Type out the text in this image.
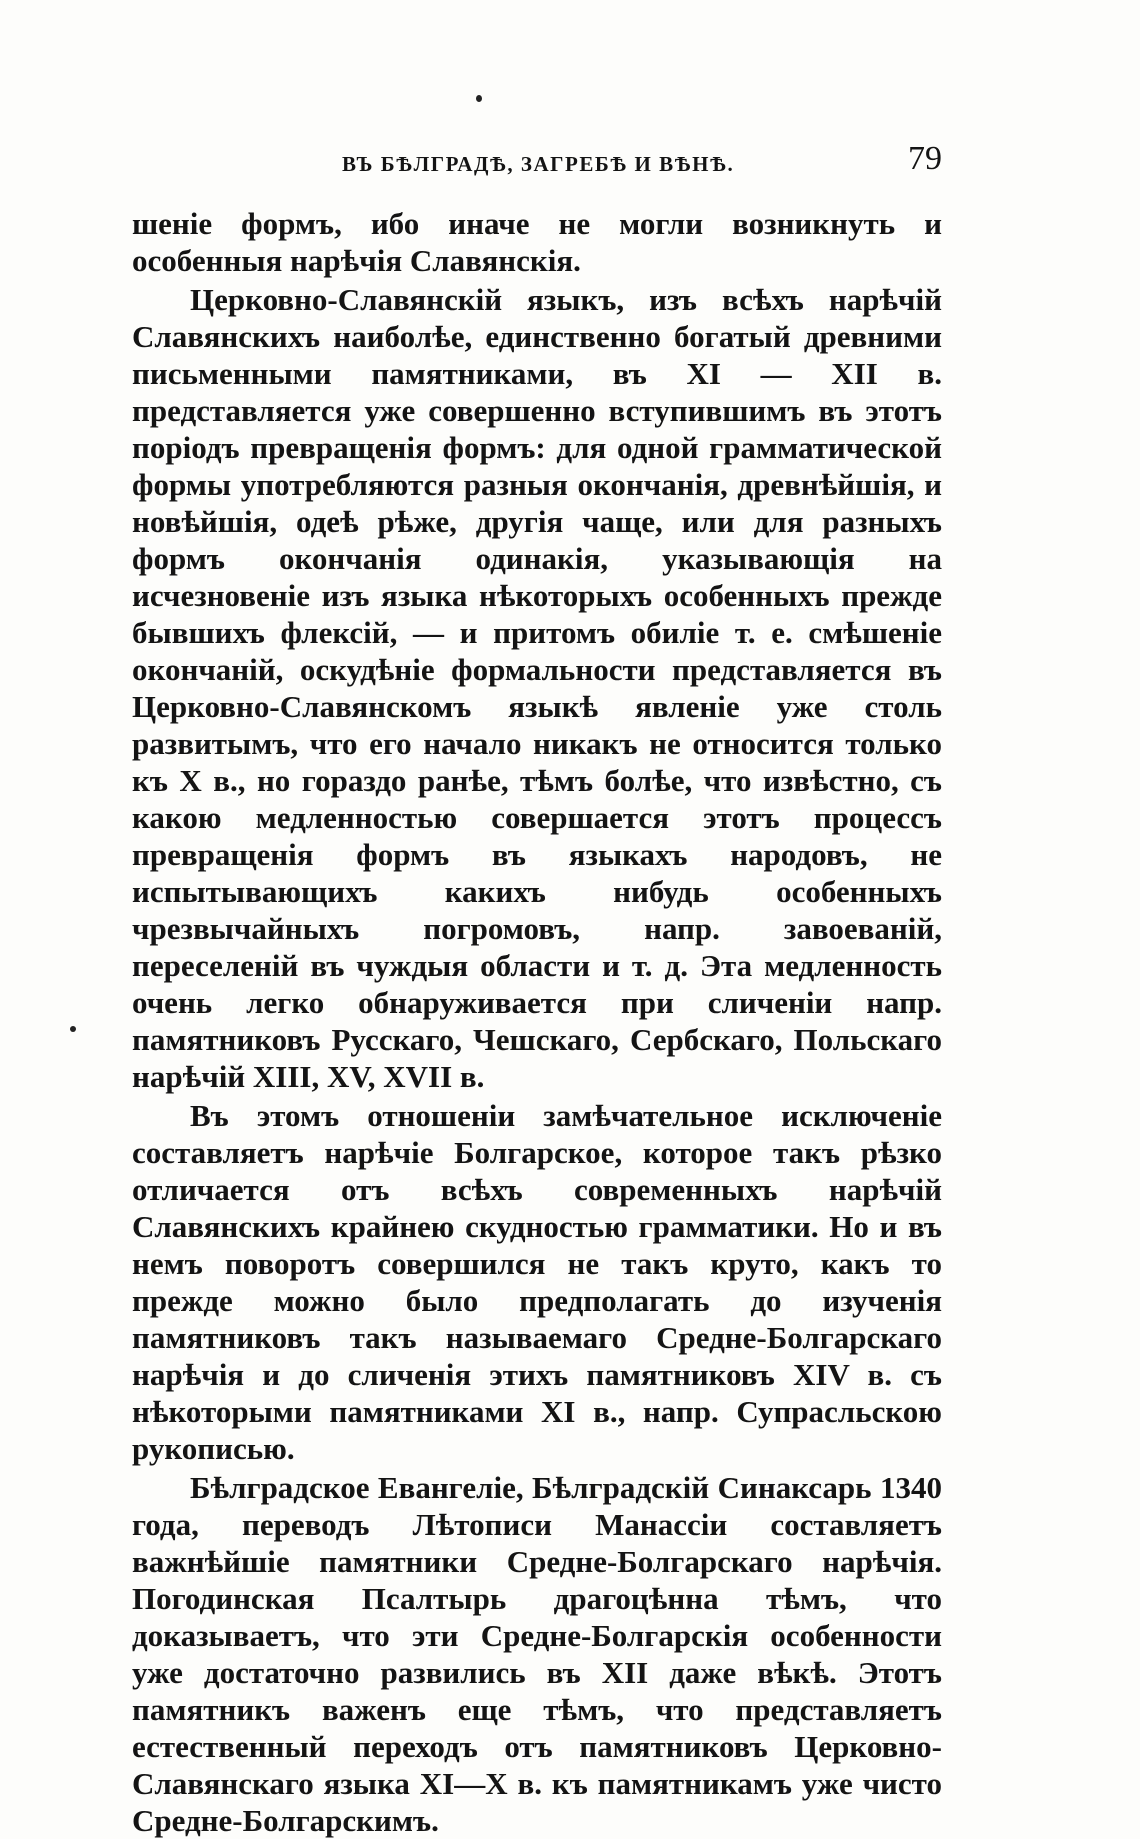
ВЪ БѢЛГРАДѢ, ЗАГРЕБѢ И ВѢНѢ.	79

шеніе формъ, ибо иначе не могли возникнуть и особенныя нарѣчія Славянскія.

Церковно-Славянскій языкъ, изъ всѣхъ нарѣчій Славянскихъ наиболѣе, единственно богатый древними письменными памятниками, въ XI — XII в. представляется уже совершенно вступившимъ въ этотъ поріодъ превращенія формъ: для одной грамматической формы употребляются разныя окончанія, древнѣйшія, и новѣйшія, одеѣ рѣже, другія чаще, или для разныхъ формъ окончанія одинакія, указывающія на исчезновеніе изъ языка нѣкоторыхъ особенныхъ прежде бывшихъ флексій, — и притомъ обиліе т. е. смѣшеніе окончаній, оскудѣніе формальности представляется въ Церковно-Славянскомъ языкѣ явленіе уже столь развитымъ, что его начало никакъ не относится только къ X в., но гораздо ранѣе, тѣмъ болѣе, что извѣстно, съ какою медленностью совершается этотъ процессъ превращенія формъ въ языкахъ народовъ, не испытывающихъ какихъ нибудь особенныхъ чрезвычайныхъ погромовъ, напр. завоеваній, переселеній въ чуждыя области и т. д. Эта медленность очень легко обнаруживается при сличеніи напр. памятниковъ Русскаго, Чешскаго, Сербскаго, Польскаго нарѣчій XIII, XV, XVII в.

Въ этомъ отношеніи замѣчательное исключеніе составляетъ нарѣчіе Болгарское, которое такъ рѣзко отличается отъ всѣхъ современныхъ нарѣчій Славянскихъ крайнею скудностью грамматики. Но и въ немъ поворотъ совершился не такъ круто, какъ то прежде можно было предполагать до изученія памятниковъ такъ называемаго Средне-Болгарскаго нарѣчія и до сличенія этихъ памятниковъ XIV в. съ нѣкоторыми памятниками XI в., напр. Супрасльскою рукописью.

Бѣлградское Евангеліе, Бѣлградскій Синаксарь 1340 года, переводъ Лѣтописи Манассіи составляетъ важнѣйшіе памятники Средне-Болгарскаго нарѣчія. Погодинская Псалтырь драгоцѣнна тѣмъ, что доказываетъ, что эти Средне-Болгарскія особенности уже достаточно развились въ XII даже вѣкѣ. Этотъ памятникъ важенъ еще тѣмъ, что представляетъ естественный переходъ отъ памятниковъ Церковно-Славянскаго языка XI—X в. къ памятникамъ уже чисто Средне-Болгарскимъ.
